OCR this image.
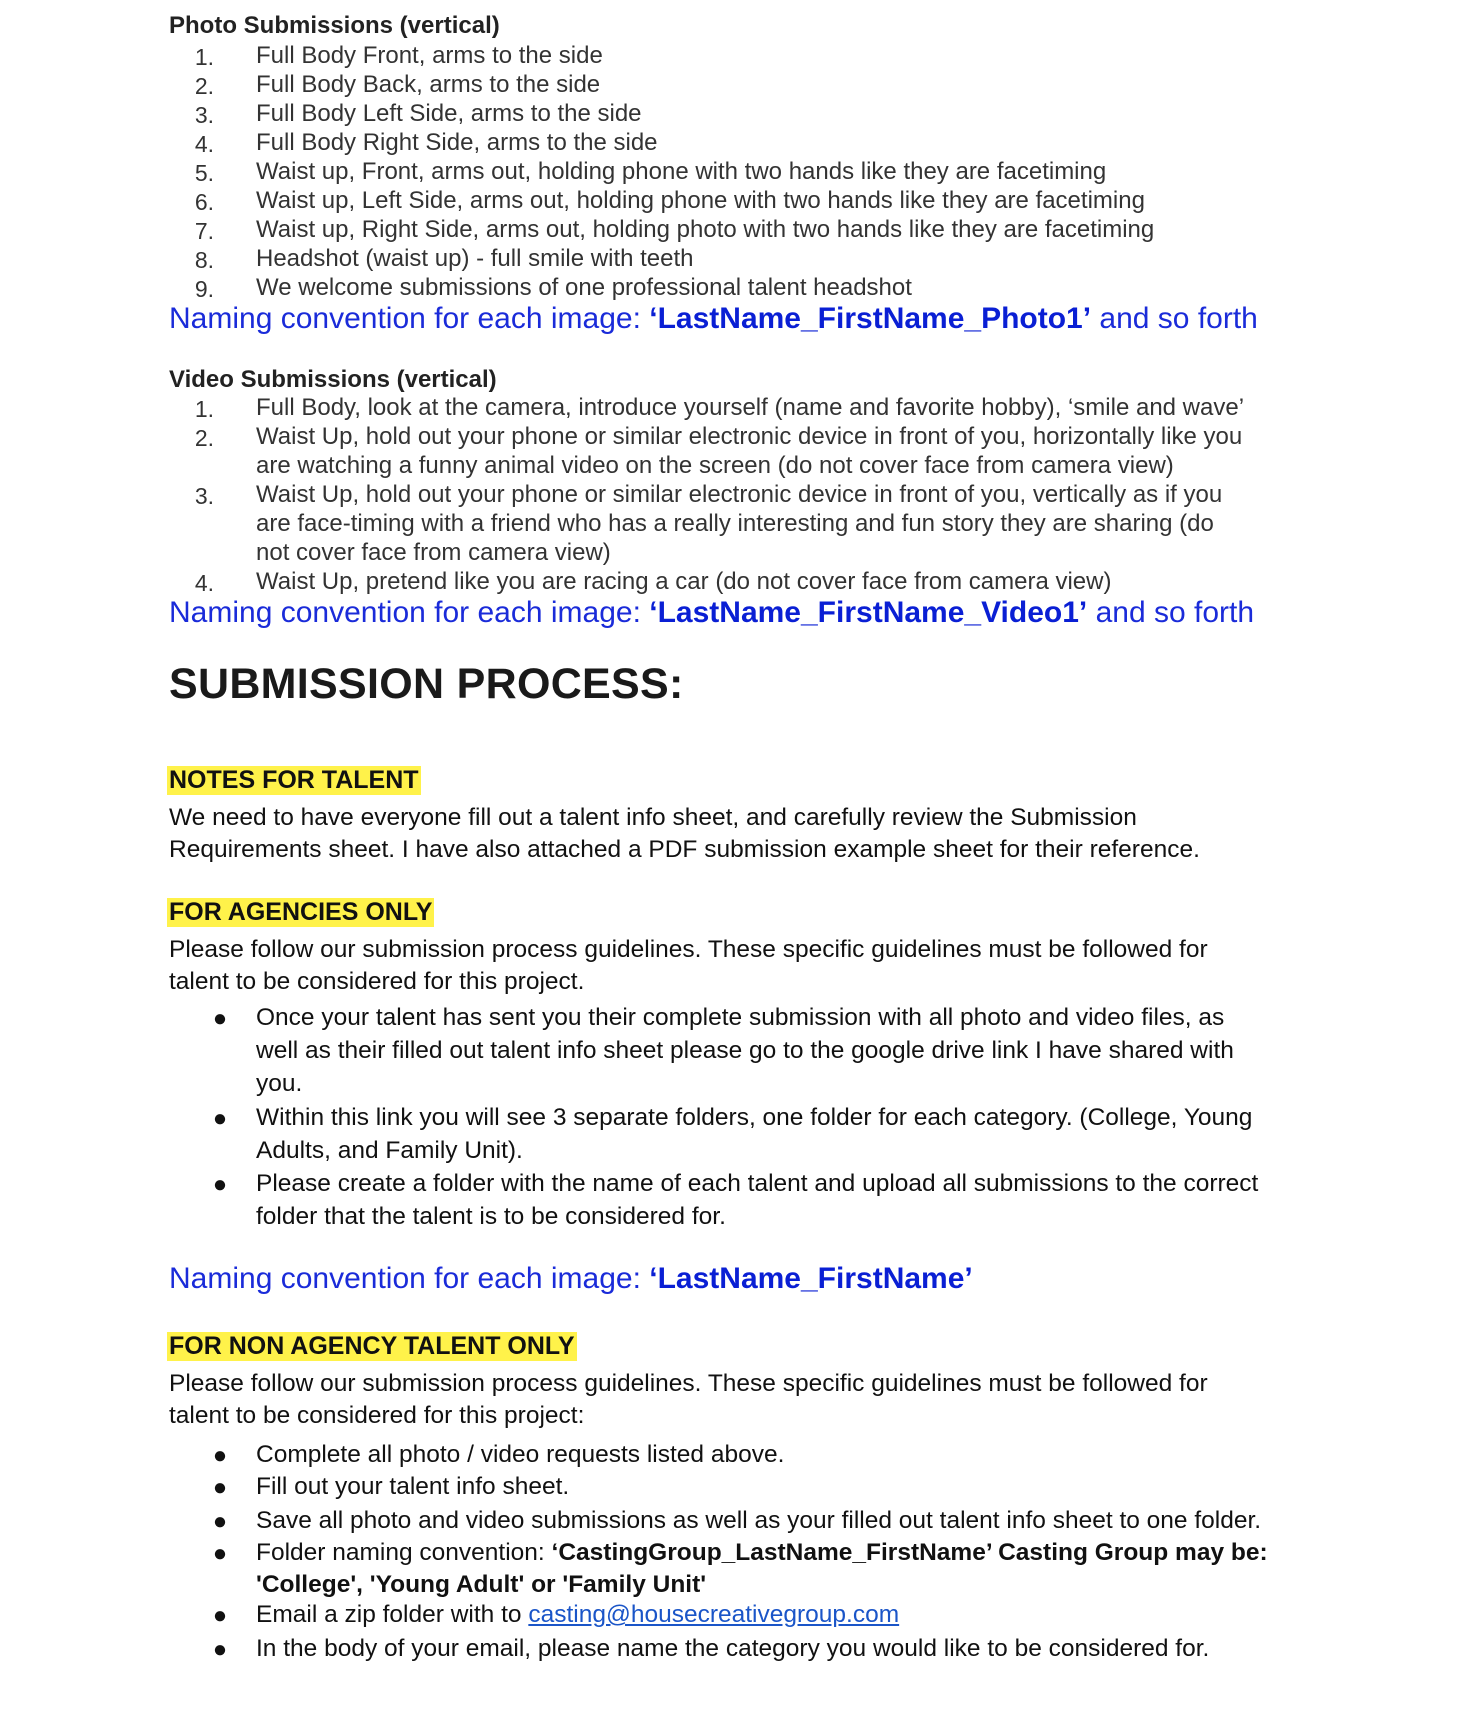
Photo Submissions (vertical)
1. Full Body Front, arms to the side
2. Full Body Back, arms to the side
3. Full Body Left Side, arms to the side
4. Full Body Right Side, arms to the side
5. Waist up, Front, arms out, holding phone with two hands like they are facetiming
6. Waist up, Left Side, arms out, holding phone with two hands like they are facetiming
7. Waist up, Right Side, arms out, holding photo with two hands like they are facetiming
8. Headshot (waist up) - full smile with teeth
9. We welcome submissions of one professional talent headshot
Naming convention for each image: ‘LastName_FirstName_Photo1’ and so forth
Video Submissions (vertical)
1. Full Body, look at the camera, introduce yourself (name and favorite hobby), ‘smile and wave’
2. Waist Up, hold out your phone or similar electronic device in front of you, horizontally like you
are watching a funny animal video on the screen (do not cover face from camera view)
3. Waist Up, hold out your phone or similar electronic device in front of you, vertically as if you
are face-timing with a friend who has a really interesting and fun story they are sharing (do
not cover face from camera view)
4. Waist Up, pretend like you are racing a car (do not cover face from camera view)
Naming convention for each image: ‘LastName_FirstName_Video1’ and so forth
SUBMISSION PROCESS:
NOTES FOR TALENT
We need to have everyone fill out a talent info sheet, and carefully review the Submission
Requirements sheet. I have also attached a PDF submission example sheet for their reference.
FOR AGENCIES ONLY
Please follow our submission process guidelines. These specific guidelines must be followed for
talent to be considered for this project.
● Once your talent has sent you their complete submission with all photo and video files, as
well as their filled out talent info sheet please go to the google drive link I have shared with
you.
● Within this link you will see 3 separate folders, one folder for each category. (College, Young
Adults, and Family Unit).
● Please create a folder with the name of each talent and upload all submissions to the correct
folder that the talent is to be considered for.
Naming convention for each image: ‘LastName_FirstName’
FOR NON AGENCY TALENT ONLY
Please follow our submission process guidelines. These specific guidelines must be followed for
talent to be considered for this project:
● Complete all photo / video requests listed above.
● Fill out your talent info sheet.
● Save all photo and video submissions as well as your filled out talent info sheet to one folder.
● Folder naming convention: ‘CastingGroup_LastName_FirstName’ Casting Group may be:
'College', 'Young Adult' or 'Family Unit'
● Email a zip folder with to casting@housecreativegroup.com
● In the body of your email, please name the category you would like to be considered for.
